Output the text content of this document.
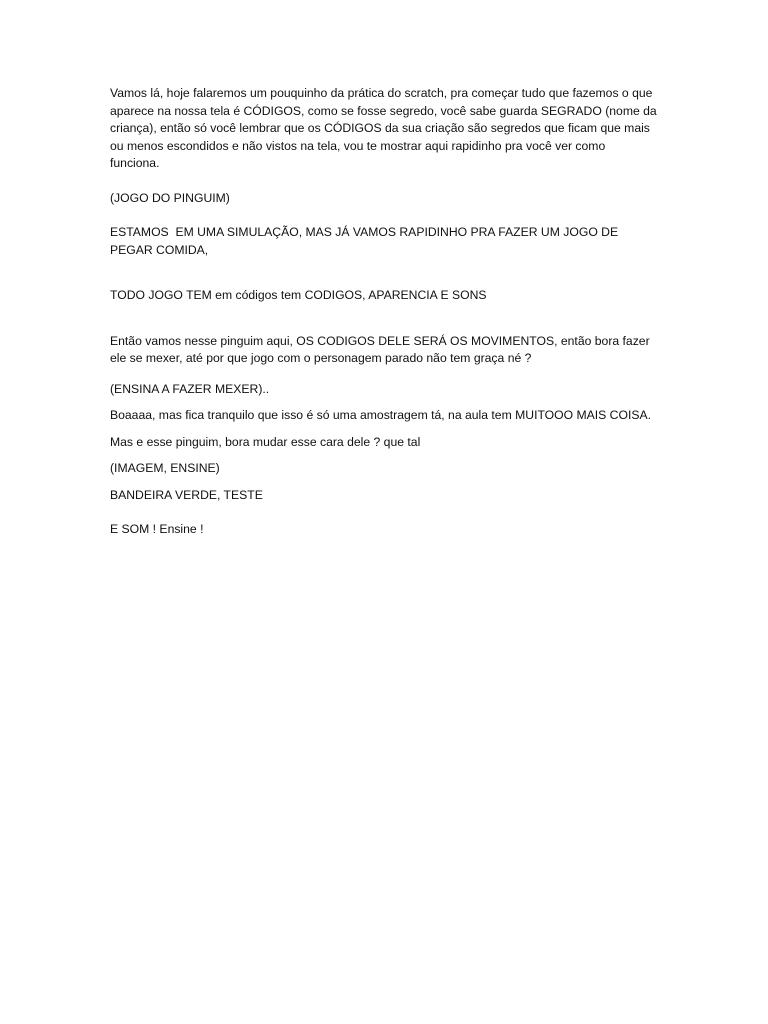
Vamos lá, hoje falaremos um pouquinho da prática do scratch, pra começar tudo que fazemos o que aparece na nossa tela é CÓDIGOS, como se fosse segredo, você sabe guarda SEGRADO (nome da criança), então só você lembrar que os CÓDIGOS da sua criação são segredos que ficam que mais ou menos escondidos e não vistos na tela, vou te mostrar aqui rapidinho pra você ver como funciona.

(JOGO DO PINGUIM)

ESTAMOS  EM UMA SIMULAÇÃO, MAS JÁ VAMOS RAPIDINHO PRA FAZER UM JOGO DE PEGAR COMIDA,

TODO JOGO TEM em códigos tem CODIGOS, APARENCIA E SONS

Então vamos nesse pinguim aqui, OS CODIGOS DELE SERÁ OS MOVIMENTOS, então bora fazer ele se mexer, até por que jogo com o personagem parado não tem graça né ?

(ENSINA A FAZER MEXER)..

Boaaaa, mas fica tranquilo que isso é só uma amostragem tá, na aula tem MUITOOO MAIS COISA.

Mas e esse pinguim, bora mudar esse cara dele ? que tal

(IMAGEM, ENSINE)

BANDEIRA VERDE, TESTE

E SOM ! Ensine !
